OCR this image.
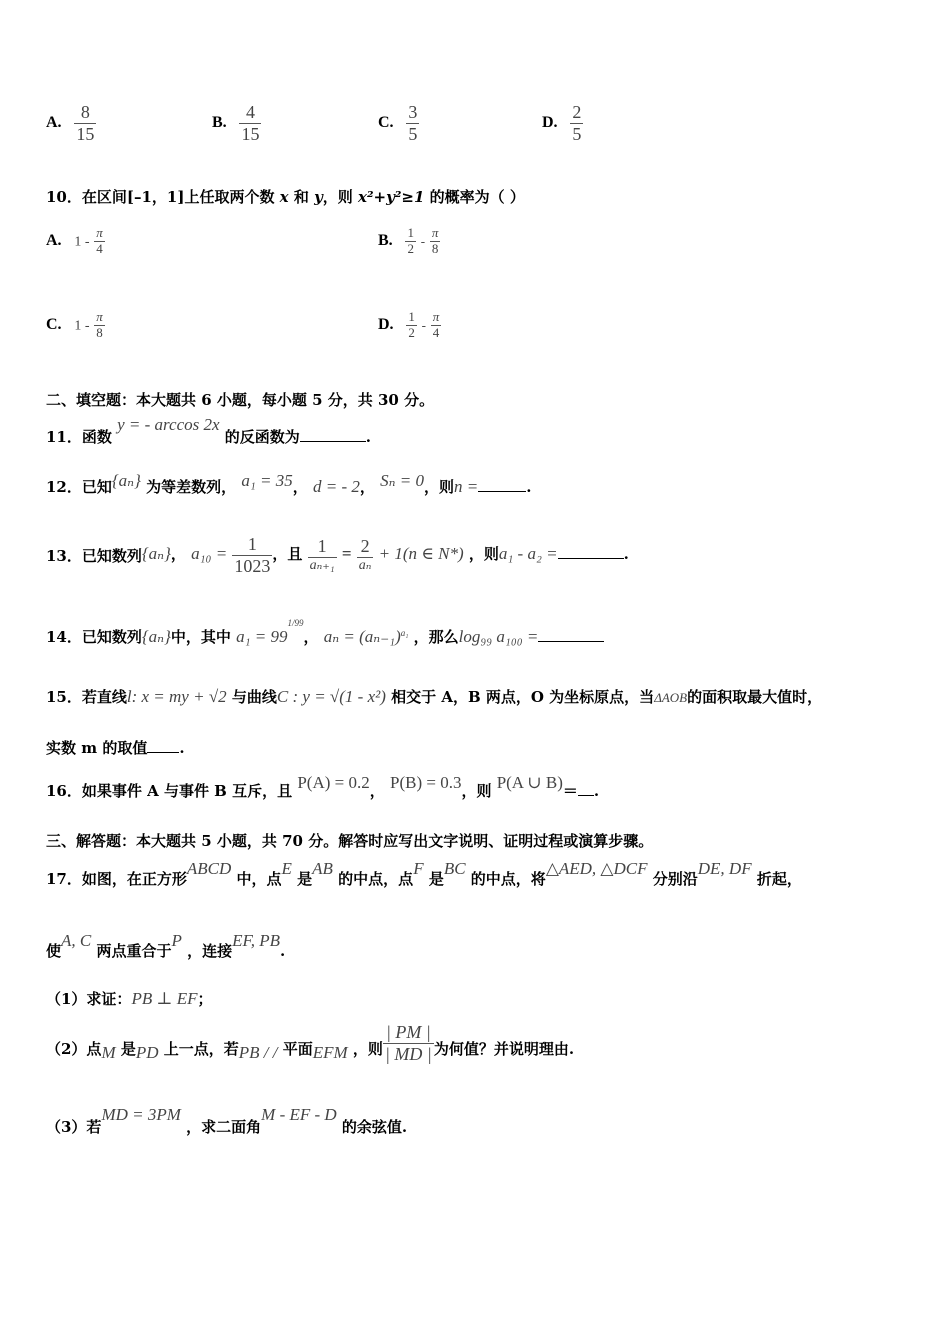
A. $\frac{8}{15}$	B. $\frac{4}{15}$	C. $\frac{3}{5}$	D. $\frac{2}{5}$
10．在区间[–1，1]上任取两个数 x 和 y，则 x²+y²≥1 的概率为（ ）
A. $1 - \frac{\pi}{4}$	B. $\frac{1}{2} - \frac{\pi}{8}$
C. $1 - \frac{\pi}{8}$	D. $\frac{1}{2} - \frac{\pi}{4}$
二、填空题：本大题共 6 小题，每小题 5 分，共 30 分。
11．函数 y = - arccos 2x 的反函数为	.
12．已知{aₙ} 为等差数列， a₁ = 35， d = - 2， Sₙ = 0，则n =	.
13．已知数列{aₙ}， $a_{10} = \frac{1}{1023}$ ，且 $\frac{1}{\text{aₙ₊₁}} = \frac{2}{\text{aₙ}} + 1(n$ ∈ N*) ，则a₁ - a₂ =	.
14．已知数列{aₙ}中，其中 $a_1 = 99^{1/99}$， $a_n = (a_{n-1})^{a_1}$ ，那么log₉₉ a₁₀₀ =
15．若直线l: x = my + √2 与曲线C : y = √(1 - x²) 相交于 A，B 两点，O 为坐标原点，当ΔAOB的面积取最大值时，
实数 m 的取值 .
16．如果事件 A 与事件 B 互斥，且 P(A) = 0.2， P(B) = 0.3，则 P(A ∪ B)＝ .
三、解答题：本大题共 5 小题，共 70 分。解答时应写出文字说明、证明过程或演算步骤。
17．如图，在正方形ABCD 中，点E 是AB 的中点，点F 是BC 的中点，将△AED, △DCF 分别沿DE, DF 折起，
使A, C 两点重合于P ，连接EF, PB.
（1）求证：PB ⊥ EF；
（2）点M 是PD 上一点，若PB / / 平面EFM ，则 $\frac{| PM |}{| MD |}$ 为何值？并说明理由.
（3）若MD = 3PM ，求二面角M - EF - D 的余弦值.
